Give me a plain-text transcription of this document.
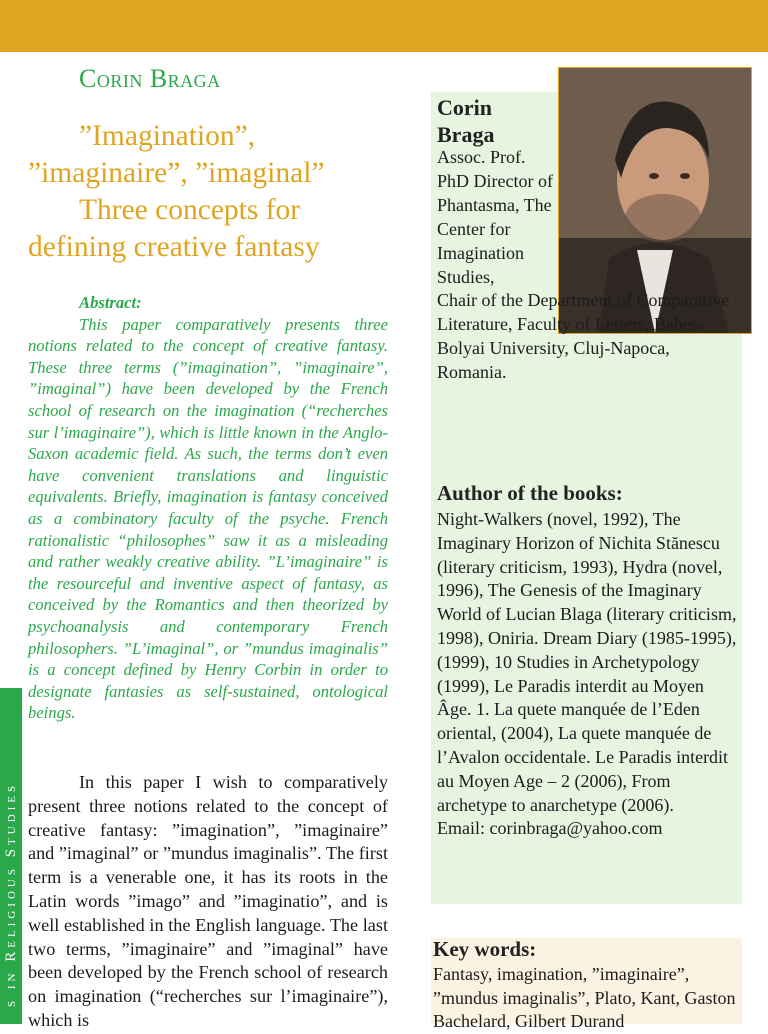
Corin Braga
”Imagination”,
”imaginaire”, ”imaginal”
Three concepts for
defining creative fantasy
Abstract:
This paper comparatively presents three notions related to the concept of creative fantasy. These three terms (”imagination”, ”imaginaire”, ”imaginal”) have been developed by the French school of research on the imagination (“recherches sur l’imaginaire”), which is little known in the Anglo-Saxon academic field. As such, the terms don’t even have convenient translations and linguistic equivalents. Briefly, imagination is fantasy conceived as a combinatory faculty of the psyche. French rationalistic “philosophes” saw it as a misleading and rather weakly creative ability. ”L’imaginaire” is the resourceful and inventive aspect of fantasy, as conceived by the Romantics and then theorized by psychoanalysis and contemporary French philosophers. ”L’imaginal”, or ”mundus imaginalis” is a concept defined by Henry Corbin in order to designate fantasies as self-sustained, ontological beings.
In this paper I wish to comparatively present three notions related to the concept of creative fantasy: ”imagination”, ”imaginaire” and ”imaginal” or ”mundus imaginalis”. The first term is a venerable one, it has its roots in the Latin words ”imago” and ”imaginatio”, and is well established in the English language. The last two terms, ”imaginaire” and ”imaginal” have been developed by the French school of research on imagination (“recherches sur l’imaginaire”), which is
s in Religious Studies
Corin
Braga
Assoc. Prof. PhD Director of Phantasma, The Center for Imagination Studies,
Chair of the Department of Comparative Literature, Faculty of Letters, Babes-Bolyai University, Cluj-Napoca, Romania.
Author of the books:
Night-Walkers (novel, 1992), The Imaginary Horizon of Nichita Stănescu (literary criticism, 1993), Hydra (novel, 1996), The Genesis of the Imaginary World of Lucian Blaga (literary criticism, 1998), Oniria. Dream Diary (1985-1995), (1999), 10 Studies in Archetypology (1999), Le Paradis interdit au Moyen Âge. 1. La quete manquée de l’Eden oriental, (2004), La quete manquée de l’Avalon occidentale. Le Paradis interdit au Moyen Age – 2 (2006), From archetype to anarchetype (2006).
Email: corinbraga@yahoo.com
Key words:
Fantasy, imagination, ”imaginaire”, ”mundus imaginalis”, Plato, Kant, Gaston Bachelard, Gilbert Durand
